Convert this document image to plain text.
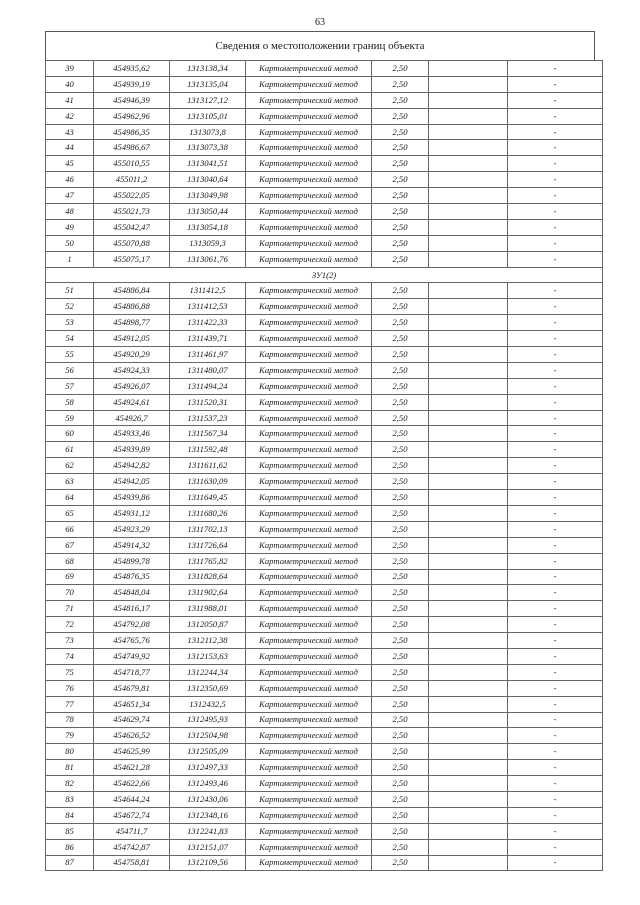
63
Сведения о местоположении границ объекта
39	454935,62	1313138,34	Картометрический метод	2,50		-
40	454939,19	1313135,04	Картометрический метод	2,50		-
41	454946,39	1313127,12	Картометрический метод	2,50		-
42	454962,96	1313105,01	Картометрический метод	2,50		-
43	454986,35	1313073,8	Картометрический метод	2,50		-
44	454986,67	1313073,38	Картометрический метод	2,50		-
45	455010,55	1313041,51	Картометрический метод	2,50		-
46	455011,2	1313040,64	Картометрический метод	2,50		-
47	455022,05	1313049,98	Картометрический метод	2,50		-
48	455021,73	1313050,44	Картометрический метод	2,50		-
49	455042,47	1313054,18	Картометрический метод	2,50		-
50	455070,88	1313059,3	Картометрический метод	2,50		-
1	455075,17	1313061,76	Картометрический метод	2,50		-
ЗУ1(2)						
51	454886,84	1311412,5	Картометрический метод	2,50		-
52	454886,88	1311412,53	Картометрический метод	2,50		-
53	454898,77	1311422,33	Картометрический метод	2,50		-
54	454912,05	1311439,71	Картометрический метод	2,50		-
55	454920,29	1311461,97	Картометрический метод	2,50		-
56	454924,33	1311480,07	Картометрический метод	2,50		-
57	454926,07	1311494,24	Картометрический метод	2,50		-
58	454924,61	1311520,31	Картометрический метод	2,50		-
59	454926,7	1311537,23	Картометрический метод	2,50		-
60	454933,46	1311567,34	Картометрический метод	2,50		-
61	454939,89	1311592,48	Картометрический метод	2,50		-
62	454942,82	1311611,62	Картометрический метод	2,50		-
63	454942,05	1311630,09	Картометрический метод	2,50		-
64	454939,86	1311649,45	Картометрический метод	2,50		-
65	454931,12	1311680,26	Картометрический метод	2,50		-
66	454923,29	1311702,13	Картометрический метод	2,50		-
67	454914,32	1311726,64	Картометрический метод	2,50		-
68	454899,78	1311765,82	Картометрический метод	2,50		-
69	454876,35	1311828,64	Картометрический метод	2,50		-
70	454848,04	1311902,64	Картометрический метод	2,50		-
71	454816,17	1311988,01	Картометрический метод	2,50		-
72	454792,08	1312050,87	Картометрический метод	2,50		-
73	454765,76	1312112,38	Картометрический метод	2,50		-
74	454749,92	1312153,63	Картометрический метод	2,50		-
75	454718,77	1312244,34	Картометрический метод	2,50		-
76	454679,81	1312350,69	Картометрический метод	2,50		-
77	454651,34	1312432,5	Картометрический метод	2,50		-
78	454629,74	1312495,93	Картометрический метод	2,50		-
79	454626,52	1312504,98	Картометрический метод	2,50		-
80	454625,99	1312505,09	Картометрический метод	2,50		-
81	454621,28	1312497,33	Картометрический метод	2,50		-
82	454622,66	1312493,46	Картометрический метод	2,50		-
83	454644,24	1312430,06	Картометрический метод	2,50		-
84	454672,74	1312348,16	Картометрический метод	2,50		-
85	454711,7	1312241,83	Картометрический метод	2,50		-
86	454742,87	1312151,07	Картометрический метод	2,50		-
87	454758,81	1312109,56	Картометрический метод	2,50		-
